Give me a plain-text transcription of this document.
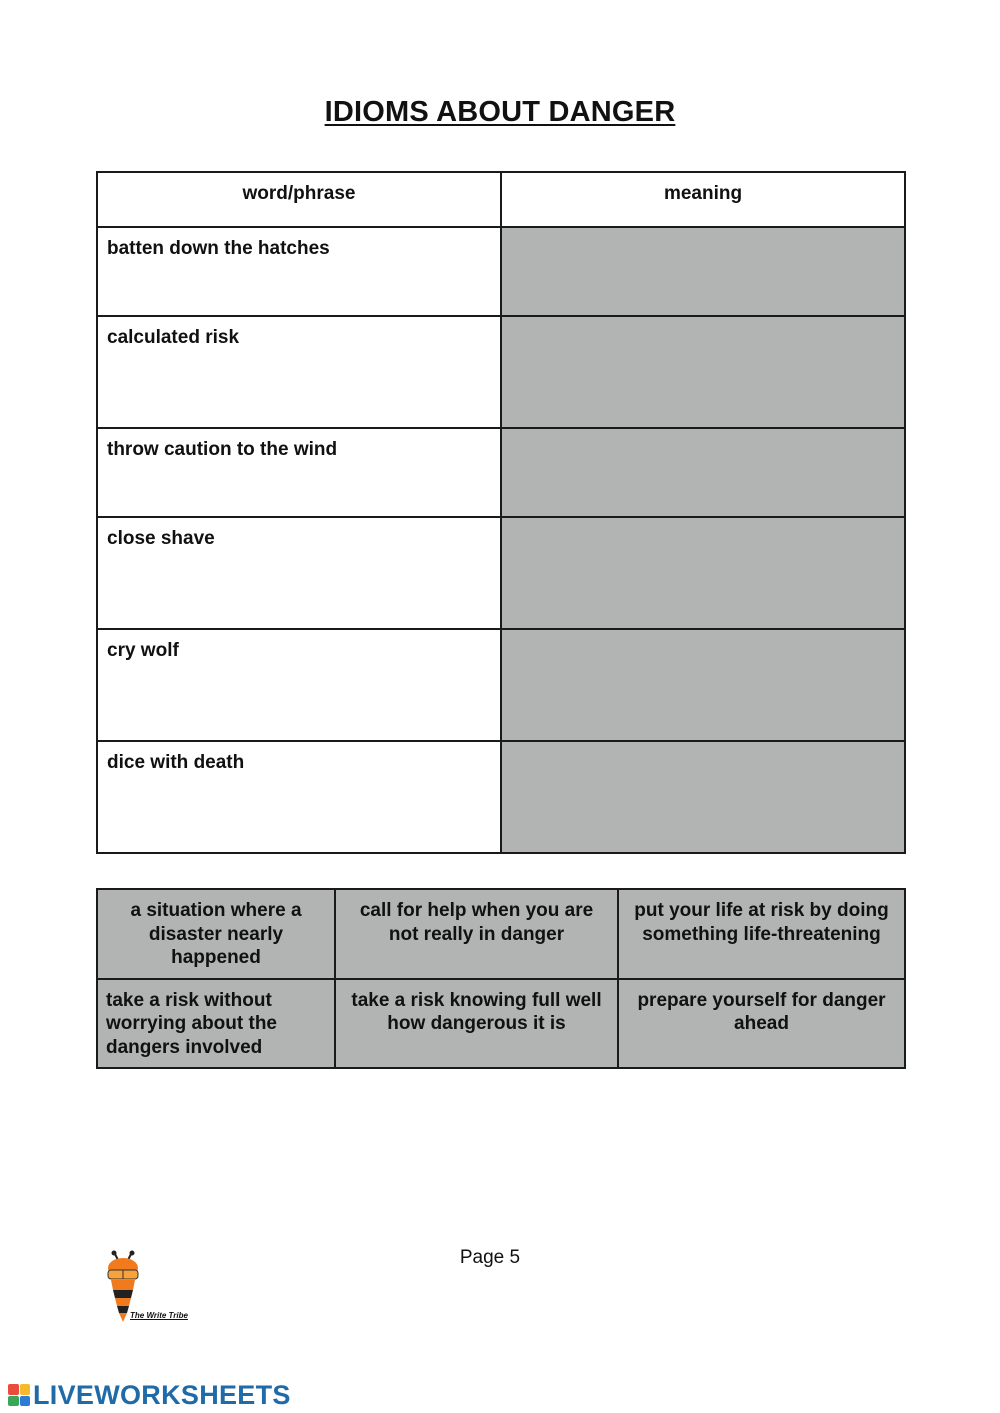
IDIOMS ABOUT DANGER
word/phrase	meaning
batten down the hatches	
calculated risk	
throw caution to the wind	
close shave	
cry wolf	
dice with death	
a situation where a disaster nearly happened	call for help when you are not really in danger	put your life at risk by doing something life-threatening
take a risk without worrying about the dangers involved	take a risk knowing full well how dangerous it is	prepare yourself for danger ahead
Page 5
The Write Tribe
LIVEWORKSHEETS
